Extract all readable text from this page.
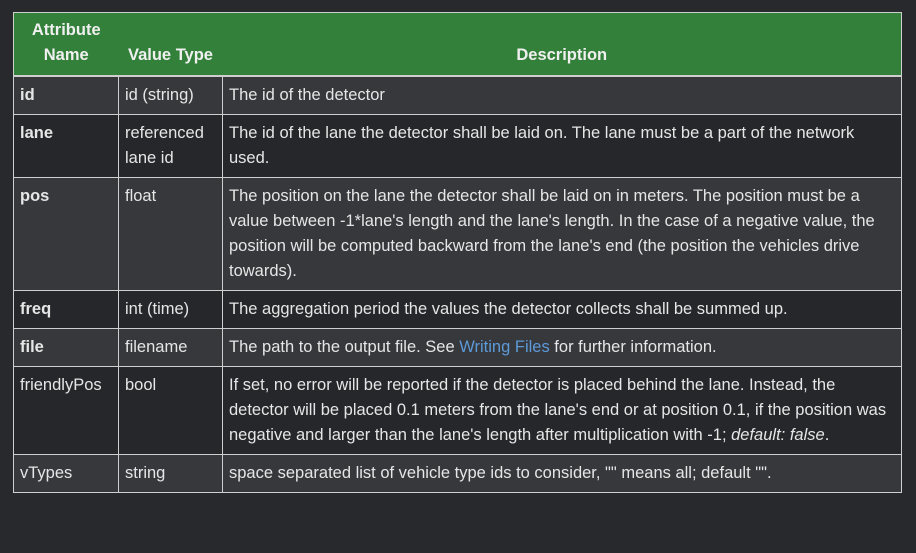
Attribute Name	Value Type	Description
id	id (string)	The id of the detector
lane	referenced lane id	The id of the lane the detector shall be laid on. The lane must be a part of the network used.
pos	float	The position on the lane the detector shall be laid on in meters. The position must be a value between -1*lane's length and the lane's length. In the case of a negative value, the position will be computed backward from the lane's end (the position the vehicles drive towards).
freq	int (time)	The aggregation period the values the detector collects shall be summed up.
file	filename	The path to the output file. See Writing Files for further information.
friendlyPos	bool	If set, no error will be reported if the detector is placed behind the lane. Instead, the detector will be placed 0.1 meters from the lane's end or at position 0.1, if the position was negative and larger than the lane's length after multiplication with -1; default: false.
vTypes	string	space separated list of vehicle type ids to consider, "" means all; default "".
